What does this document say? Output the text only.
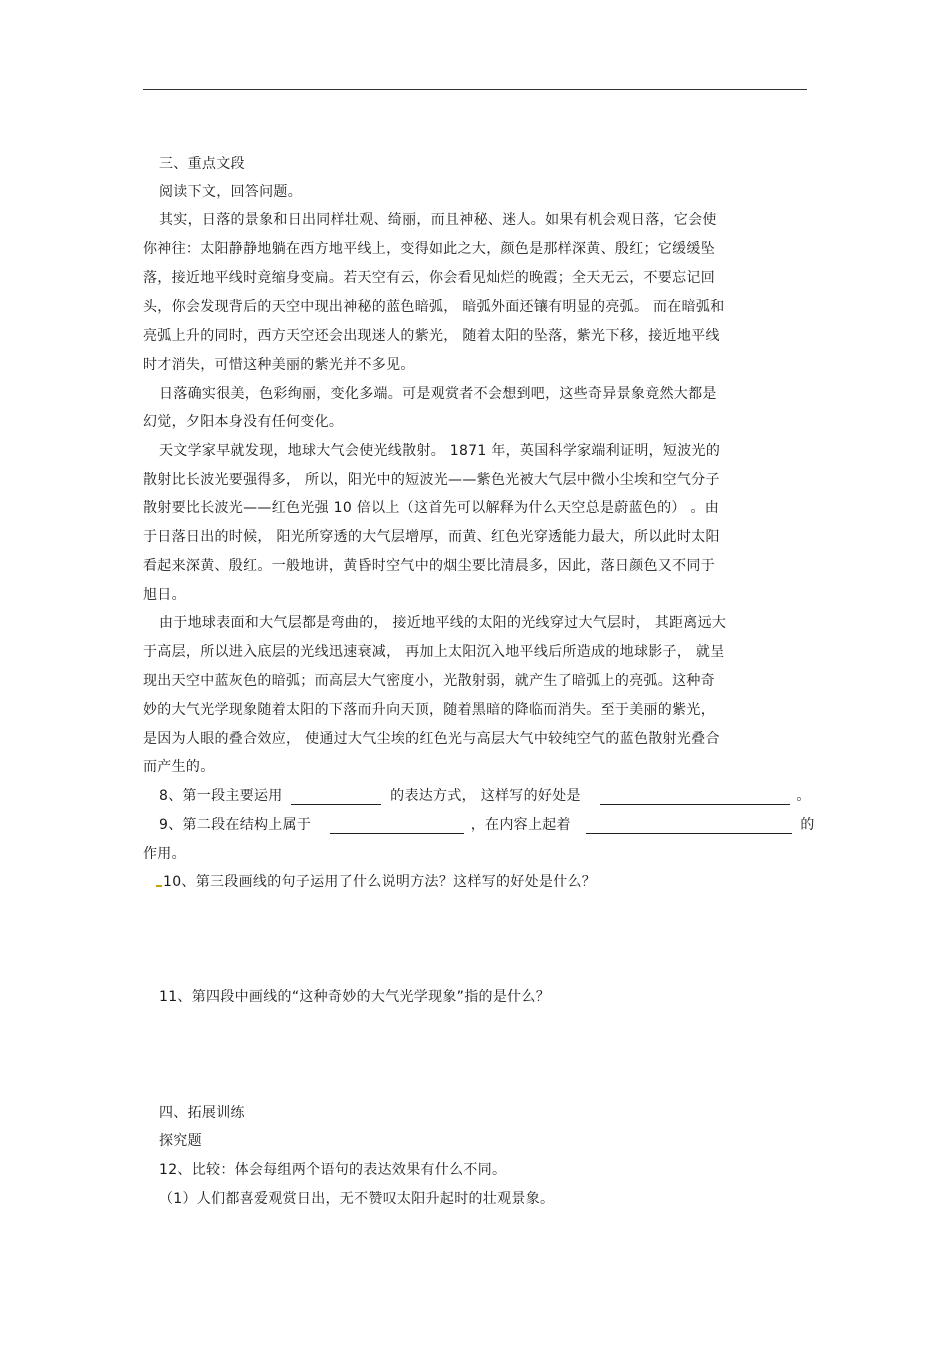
三、重点文段
阅读下文，回答问题。
其实，日落的景象和日出同样壮观、绮丽，而且神秘、迷人。如果有机会观日落，它会使
你神往：太阳静静地躺在西方地平线上，变得如此之大，颜色是那样深黄、殷红；它缓缓坠
落，接近地平线时竟缩身变扁。若天空有云，你会看见灿烂的晚霞；全天无云，不要忘记回
头，你会发现背后的天空中现出神秘的蓝色暗弧， 暗弧外面还镶有明显的亮弧。 而在暗弧和
亮弧上升的同时，西方天空还会出现迷人的紫光， 随着太阳的坠落，紫光下移，接近地平线
时才消失，可惜这种美丽的紫光并不多见。
日落确实很美，色彩绚丽，变化多端。可是观赏者不会想到吧，这些奇异景象竟然大都是
幻觉，夕阳本身没有任何变化。
天文学家早就发现，地球大气会使光线散射。 1871 年，英国科学家端利证明，短波光的
散射比长波光要强得多， 所以，阳光中的短波光——紫色光被大气层中微小尘埃和空气分子
散射要比长波光——红色光强 10 倍以上（这首先可以解释为什么天空总是蔚蓝色的） 。由
于日落日出的时候， 阳光所穿透的大气层增厚，而黄、红色光穿透能力最大，所以此时太阳
看起来深黄、殷红。一般地讲，黄昏时空气中的烟尘要比清晨多，因此，落日颜色又不同于
旭日。
由于地球表面和大气层都是弯曲的， 接近地平线的太阳的光线穿过大气层时， 其距离远大
于高层，所以进入底层的光线迅速衰减， 再加上太阳沉入地平线后所造成的地球影子， 就呈
现出天空中蓝灰色的暗弧；而高层大气密度小，光散射弱，就产生了暗弧上的亮弧。这种奇
妙的大气光学现象随着太阳的下落而升向天顶，随着黑暗的降临而消失。至于美丽的紫光，
是因为人眼的叠合效应， 使通过大气尘埃的红色光与高层大气中较纯空气的蓝色散射光叠合
而产生的。
8、第一段主要运用	的表达方式， 这样写的好处是	。
9、第二段在结构上属于	，在内容上起着	的
作用。
10、第三段画线的句子运用了什么说明方法？这样写的好处是什么？
11、第四段中画线的“这种奇妙的大气光学现象”指的是什么？
四、拓展训练
探究题
12、比较：体会每组两个语句的表达效果有什么不同。
（1）人们都喜爱观赏日出，无不赞叹太阳升起时的壮观景象。
